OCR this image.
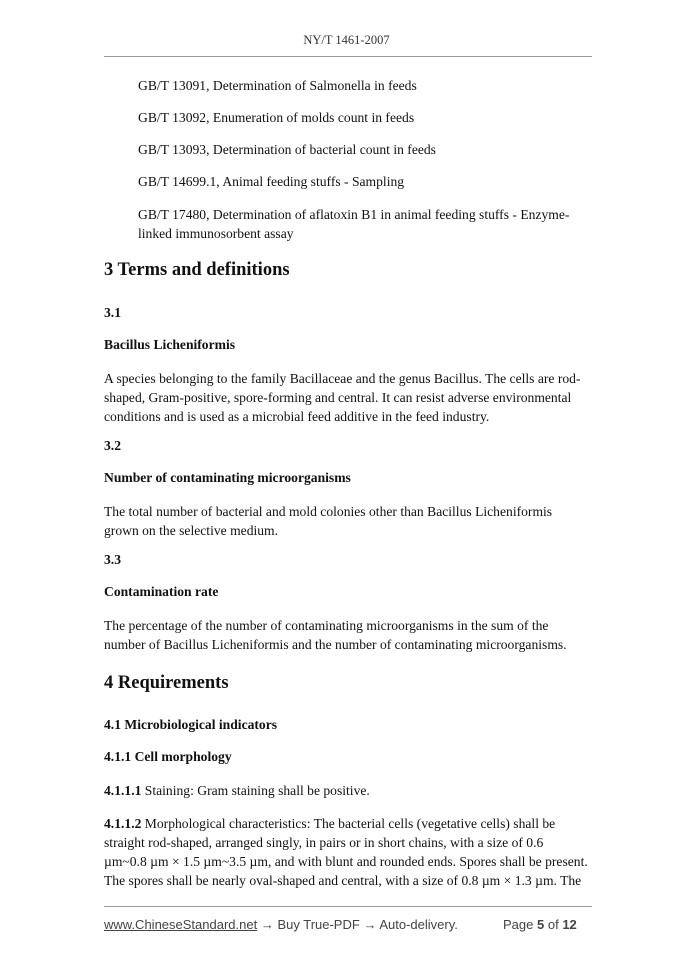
NY/T 1461-2007
GB/T 13091, Determination of Salmonella in feeds
GB/T 13092, Enumeration of molds count in feeds
GB/T 13093, Determination of bacterial count in feeds
GB/T 14699.1, Animal feeding stuffs - Sampling
GB/T 17480, Determination of aflatoxin B1 in animal feeding stuffs - Enzyme-
linked immunosorbent assay
3 Terms and definitions
3.1
Bacillus Licheniformis
A species belonging to the family Bacillaceae and the genus Bacillus. The cells are rod-
shaped, Gram-positive, spore-forming and central. It can resist adverse environmental
conditions and is used as a microbial feed additive in the feed industry.
3.2
Number of contaminating microorganisms
The total number of bacterial and mold colonies other than Bacillus Licheniformis
grown on the selective medium.
3.3
Contamination rate
The percentage of the number of contaminating microorganisms in the sum of the
number of Bacillus Licheniformis and the number of contaminating microorganisms.
4 Requirements
4.1 Microbiological indicators
4.1.1 Cell morphology
4.1.1.1 Staining: Gram staining shall be positive.
4.1.1.2 Morphological characteristics: The bacterial cells (vegetative cells) shall be
straight rod-shaped, arranged singly, in pairs or in short chains, with a size of 0.6
µm~0.8 µm × 1.5 µm~3.5 µm, and with blunt and rounded ends. Spores shall be present.
The spores shall be nearly oval-shaped and central, with a size of 0.8 µm × 1.3 µm. The
www.ChineseStandard.net → Buy True-PDF → Auto-delivery.	Page 5 of 12
